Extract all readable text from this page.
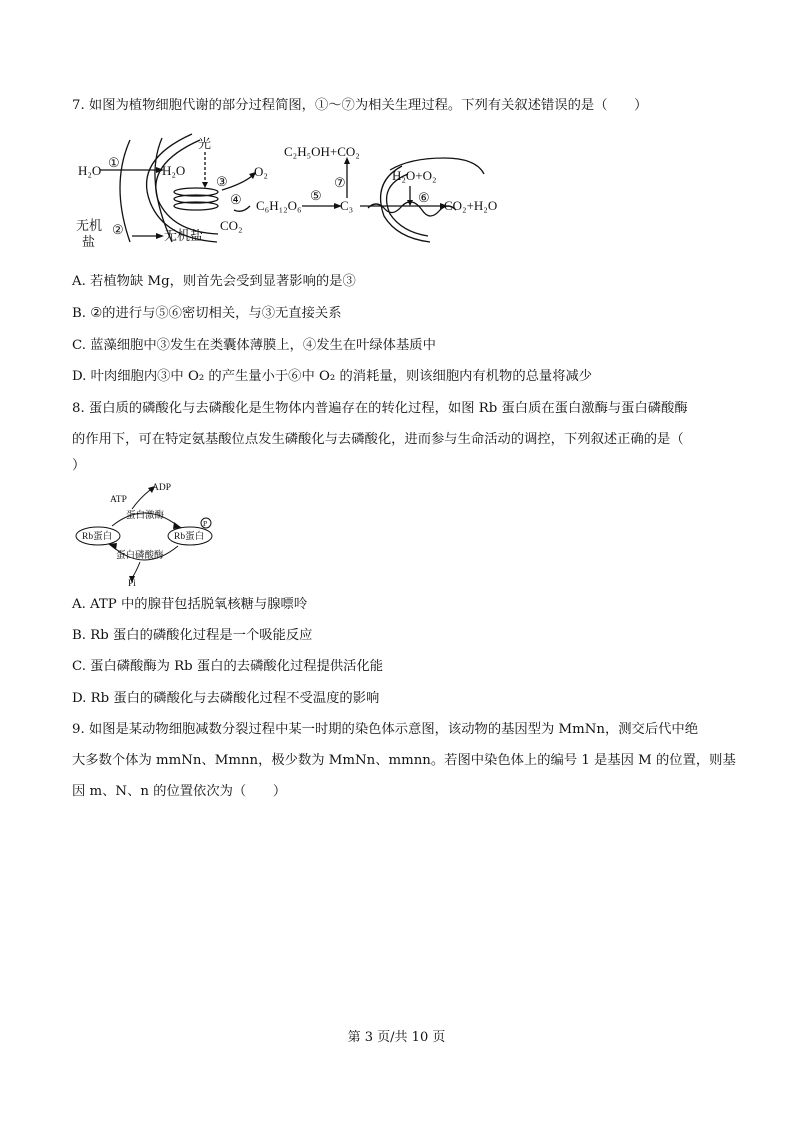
7. 如图为植物细胞代谢的部分过程简图，①～⑦为相关生理过程。下列有关叙述错误的是（　　）
H₂O
①
H₂O
光
③
O₂
④
CO₂
C₆H₁₂O₆
⑤
C₃
⑦
C₂H₅OH+CO₂
H₂O+O₂
⑥
CO₂+H₂O
无机
盐
②	无机盐
A. 若植物缺 Mg，则首先会受到显著影响的是③
B. ②的进行与⑤⑥密切相关，与③无直接关系
C. 蓝藻细胞中③发生在类囊体薄膜上，④发生在叶绿体基质中
D. 叶肉细胞内③中 O₂ 的产生量小于⑥中 O₂ 的消耗量，则该细胞内有机物的总量将减少
8. 蛋白质的磷酸化与去磷酸化是生物体内普遍存在的转化过程，如图 Rb 蛋白质在蛋白激酶与蛋白磷酸酶
的作用下，可在特定氨基酸位点发生磷酸化与去磷酸化，进而参与生命活动的调控，下列叙述正确的是（
）
ATP
ADP
蛋白激酶
Rb蛋白	Rb蛋白
P
蛋白磷酸酶
Pi
A. ATP 中的腺苷包括脱氧核糖与腺嘌呤
B. Rb 蛋白的磷酸化过程是一个吸能反应
C. 蛋白磷酸酶为 Rb 蛋白的去磷酸化过程提供活化能
D. Rb 蛋白的磷酸化与去磷酸化过程不受温度的影响
9. 如图是某动物细胞减数分裂过程中某一时期的染色体示意图，该动物的基因型为 MmNn，测交后代中绝
大多数个体为 mmNn、Mmnn，极少数为 MmNn、mmnn。若图中染色体上的编号 1 是基因 M 的位置，则基
因 m、N、n 的位置依次为（　　）
第 3 页/共 10 页
